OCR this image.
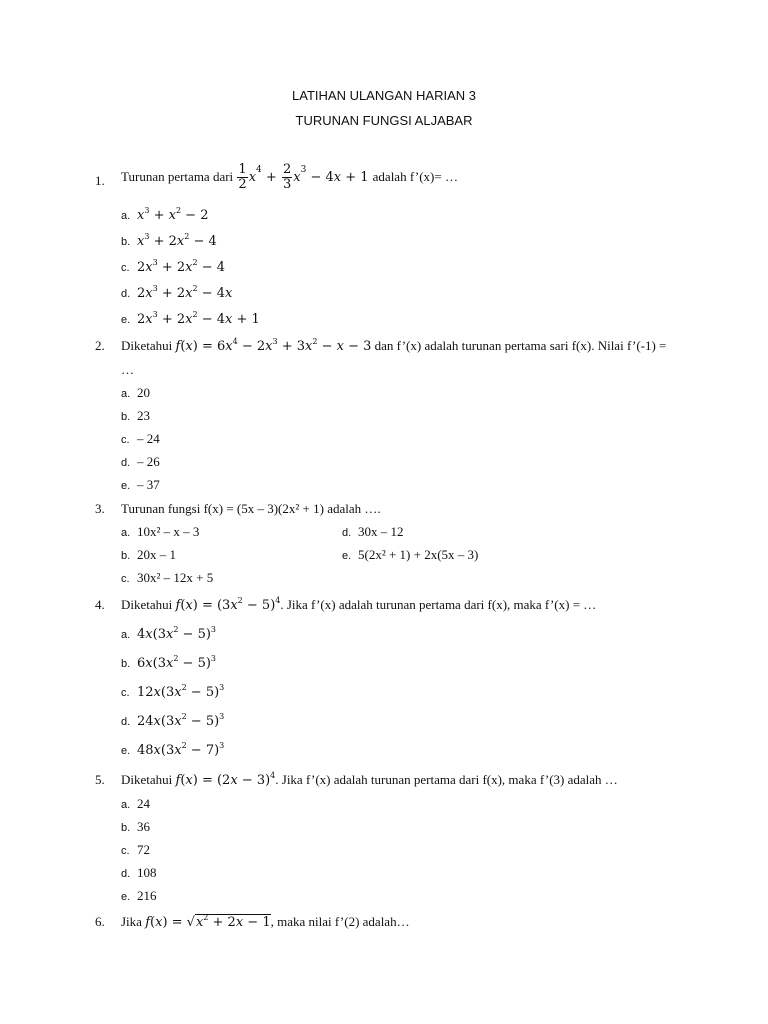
LATIHAN ULANGAN HARIAN 3
TURUNAN FUNGSI ALJABAR
1. Turunan pertama dari $\frac{1}{2} x^4 + \frac{2}{3} x^3 - 4x + 1$ adalah f’(x)= …
a. $x^3 + x^2 - 2$
b. $x^3 + 2x^2 - 4$
c. $2x^3 + 2x^2 - 4$
d. $2x^3 + 2x^2 - 4x$
e. $2x^3 + 2x^2 - 4x + 1$
2. Diketahui $f(x) = 6x^4 - 2x^3 + 3x^2 - x - 3$ dan f’(x) adalah turunan pertama sari f(x). Nilai f’(-1) =
…
a. 20
b. 23
c. – 24
d. – 26
e. – 37
3. Turunan fungsi f(x) = (5x – 3)(2x² + 1) adalah ….
a. 10x² – x – 3
b. 20x – 1
c. 30x² – 12x + 5
d. 30x – 12
e. 5(2x² + 1) + 2x(5x – 3)
4. Diketahui $f(x) = (3x^2 - 5)^4$. Jika f’(x) adalah turunan pertama dari f(x), maka f’(x) = …
a. $4x(3x^2 - 5)^3$
b. $6x(3x^2 - 5)^3$
c. $12x(3x^2 - 5)^3$
d. $24x(3x^2 - 5)^3$
e. $48x(3x^2 - 7)^3$
5. Diketahui $f(x) = (2x - 3)^4$. Jika f’(x) adalah turunan pertama dari f(x), maka f’(3) adalah …
a. 24
b. 36
c. 72
d. 108
e. 216
6. Jika $f(x) = √x^2 + 2x - 1$, maka nilai f’(2) adalah…
